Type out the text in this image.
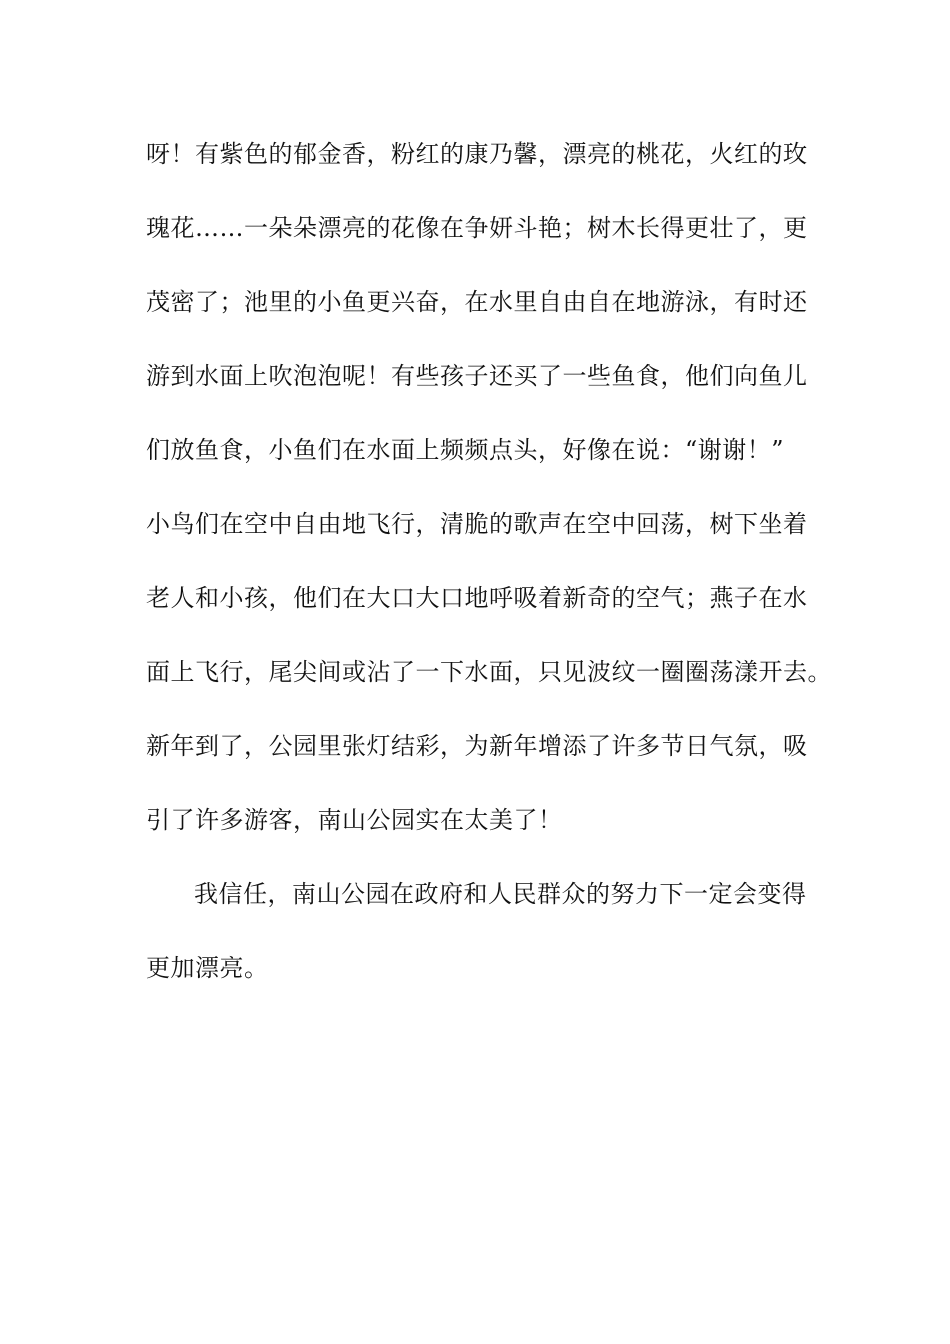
呀！有紫色的郁金香，粉红的康乃馨，漂亮的桃花，火红的玫
瑰花……一朵朵漂亮的花像在争妍斗艳；树木长得更壮了，更
茂密了；池里的小鱼更兴奋，在水里自由自在地游泳，有时还
游到水面上吹泡泡呢！有些孩子还买了一些鱼食，他们向鱼儿
们放鱼食，小鱼们在水面上频频点头，好像在说：“谢谢！”
小鸟们在空中自由地飞行，清脆的歌声在空中回荡，树下坐着
老人和小孩，他们在大口大口地呼吸着新奇的空气；燕子在水
面上飞行，尾尖间或沾了一下水面，只见波纹一圈圈荡漾开去。
新年到了，公园里张灯结彩，为新年增添了许多节日气氛，吸
引了许多游客，南山公园实在太美了！
我信任，南山公园在政府和人民群众的努力下一定会变得
更加漂亮。
